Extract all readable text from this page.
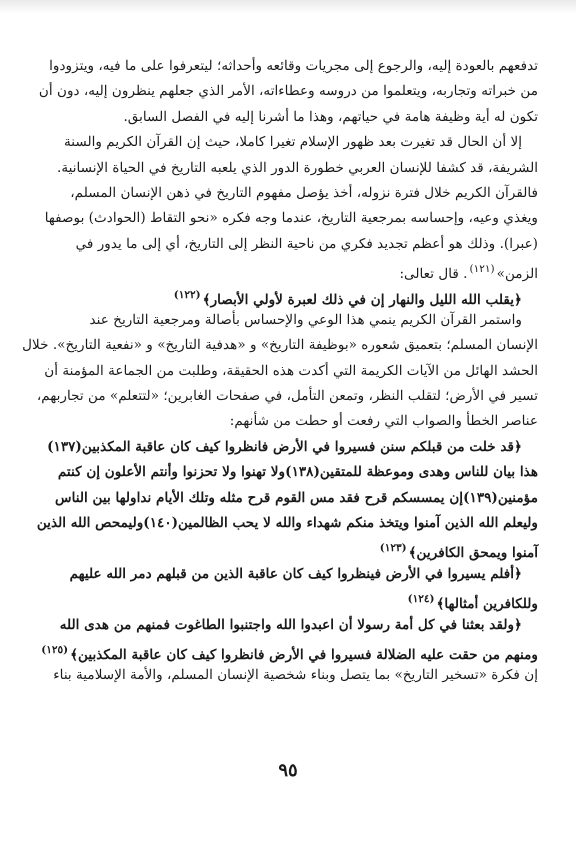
تدفعهم بالعودة إليه، والرجوع إلى مجريات وقائعه وأحداثه؛ ليتعرفوا على ما فيه، ويتزودوا
من خبراته وتجاربه، ويتعلموا من دروسه وعطاءاته، الأمر الذي جعلهم ينظرون إليه، دون أن
تكون له أية وظيفة هامة في حياتهم، وهذا ما أشرنا إليه في الفصل السابق.
إلا أن الحال قد تغيرت بعد ظهور الإسلام تغيرا كاملا، حيث إن القرآن الكريم والسنة
الشريفة، قد كشفا للإنسان العربي خطورة الدور الذي يلعبه التاريخ في الحياة الإنسانية.
فالقرآن الكريم خلال فترة نزوله، أخذ يؤصل مفهوم التاريخ في ذهن الإنسان المسلم،
ويغذي وعيه، وإحساسه بمرجعية التاريخ، عندما وجه فكره «نحو التقاط (الحوادث) بوصفها
(عبرا). وذلك هو أعظم تجديد فكري من ناحية النظر إلى التاريخ، أي إلى ما يدور في
الزمن»$^{(١٢١)}$. قال تعالى:
﴿يقلب الله الليل والنهار إن في ذلك لعبرة لأولي الأبصار﴾$^{(١٢٢)}$
واستمر القرآن الكريم ينمي هذا الوعي والإحساس بأصالة ومرجعية التاريخ عند
الإنسان المسلم؛ بتعميق شعوره «بوظيفة التاريخ» و «هدفية التاريخ» و «نفعية التاريخ». خلال
الحشد الهائل من الآيات الكريمة التي أكدت هذه الحقيقة، وطلبت من الجماعة المؤمنة أن
تسير في الأرض؛ لتقلب النظر، وتمعن التأمل، في صفحات الغابرين؛ «لتتعلم» من تجاربهم،
عناصر الخطأ والصواب التي رفعت أو حطت من شأنهم:
﴿قد خلت من قبلكم سنن فسيروا في الأرض فانظروا كيف كان عاقبة المكذبين(١٣٧)
هذا بيان للناس وهدى وموعظة للمتقين(١٣٨)ولا تهنوا ولا تحزنوا وأنتم الأعلون إن كنتم
مؤمنين(١٣٩)إن يمسسكم قرح فقد مس القوم قرح مثله وتلك الأيام نداولها بين الناس
وليعلم الله الذين آمنوا ويتخذ منكم شهداء والله لا يحب الظالمين(١٤٠)وليمحص الله الذين
آمنوا ويمحق الكافرين﴾$^{(١٢٣)}$
﴿أفلم يسيروا في الأرض فينظروا كيف كان عاقبة الذين من قبلهم دمر الله عليهم
وللكافرين أمثالها﴾$^{(١٢٤)}$
﴿ولقد بعثنا في كل أمة رسولا أن اعبدوا الله واجتنبوا الطاغوت فمنهم من هدى الله
ومنهم من حقت عليه الضلالة فسيروا في الأرض فانظروا كيف كان عاقبة المكذبين﴾$^{(١٢٥)}$
إن فكرة «تسخير التاريخ» بما يتصل وبناء شخصية الإنسان المسلم، والأمة الإسلامية بناء
٩٥
